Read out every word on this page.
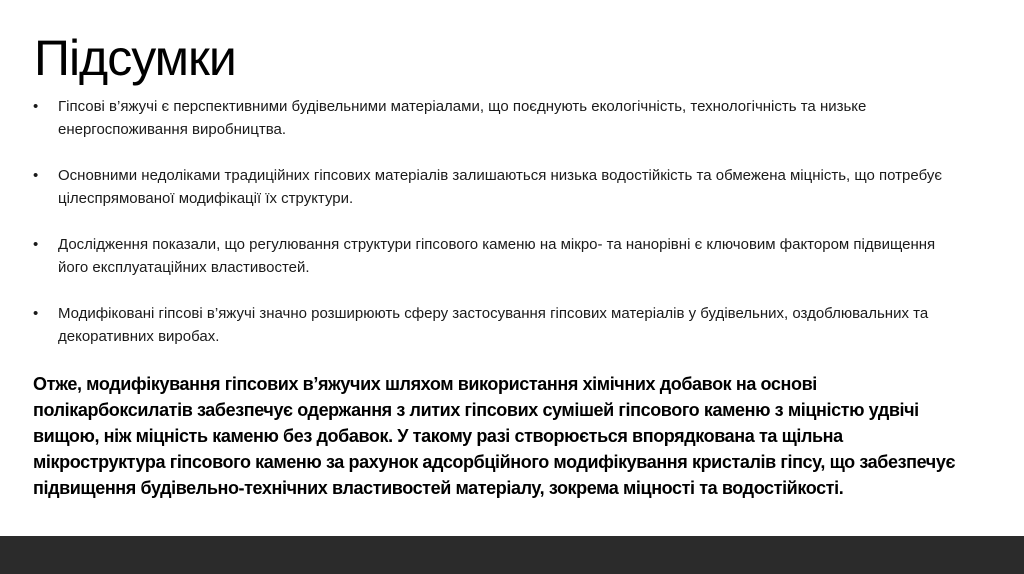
Підсумки
• Гіпсові в’яжучі є перспективними будівельними матеріалами, що поєднують екологічність, технологічність та низьке енергоспоживання виробництва.
• Основними недоліками традиційних гіпсових матеріалів залишаються низька водостійкість та обмежена міцність, що потребує цілеспрямованої модифікації їх структури.
• Дослідження показали, що регулювання структури гіпсового каменю на мікро- та нанорівні є ключовим фактором підвищення його експлуатаційних властивостей.
• Модифіковані гіпсові в’яжучі значно розширюють сферу застосування гіпсових матеріалів у будівельних, оздоблювальних та декоративних виробах.

Отже, модифікування гіпсових в’яжучих шляхом використання хімічних добавок на основі полікарбоксилатів забезпечує одержання з литих гіпсових сумішей гіпсового каменю з міцністю удвічі вищою, ніж міцність каменю без добавок. У такому разі створюється впорядкована та щільна мікроструктура гіпсового каменю за рахунок адсорбційного модифікування кристалів гіпсу, що забезпечує підвищення будівельно-технічних властивостей матеріалу, зокрема міцності та водостійкості.
